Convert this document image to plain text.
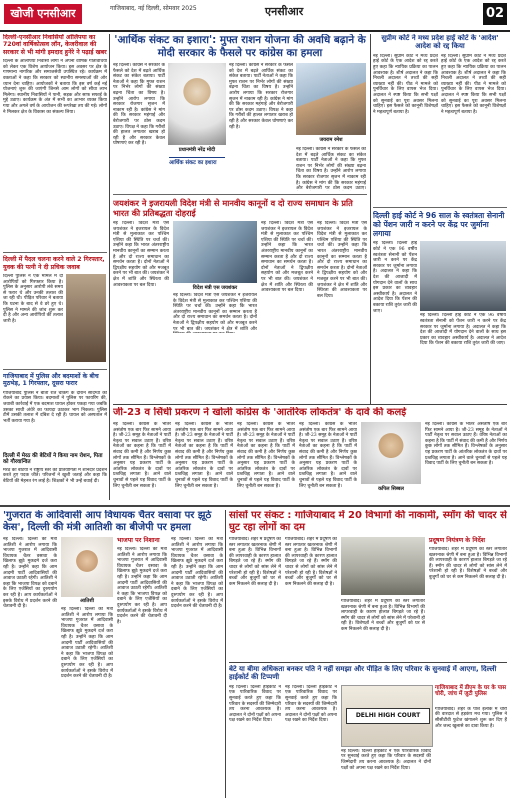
खोजी एनसीआर	गाजियाबाद, नई दिल्ली, सोमवार 2025	एनसीआर	02
दिल्ली-एनसीआर निवासियों ओलिंपया का 720वां वार्षिकोत्सव लॉन, केजरीवाल की सरकार से भी मांगी इमदाद हुनेरे ने पढ़ाई खबर
दिल्ली के ओलंपिया निवासी लोगों ने अपनी वार्षिक गतिविधियों को लेकर एक विशेष आयोजन किया। इस अवसर पर क्षेत्र के गणमान्य नागरिक और समाजसेवी उपस्थित रहे। कार्यक्रम में वक्ताओं ने कहा कि सरकार को स्थानीय समस्याओं की ओर ध्यान देना चाहिए। आयोजकों ने बताया कि इस वर्ष कई नई योजनाएं शुरू की जाएंगी जिनसे आम लोगों को सीधा लाभ मिलेगा। स्थानीय निवासियों ने पानी, सड़क और साफ सफाई के मुद्दे उठाए। कार्यक्रम के अंत में सभी का आभार व्यक्त किया गया और अगले वर्ष के आयोजन की रूपरेखा तय की गई। लोगों ने मिलकर क्षेत्र के विकास का संकल्प लिया।
दिल्ली में पैदल चलना करने वाले 2 गिरफ्तार, युवक की पत्नी ने दी प्रचिक जवाब
दिल्ली पुलिस ने एक मामले में दो आरोपियों को गिरफ्तार किया है। पुलिस के अनुसार आरोपी लंबे समय से फरार थे और उनकी तलाश की जा रही थी। पीड़ित परिवार ने बताया कि घटना के बाद से वे डरे हुए थे। पुलिस ने मामले की जांच शुरू कर दी है और अन्य आरोपियों की तलाश जारी है।
गाजियाबाद में पुलिस और बदमाशों के बीच मुठभेड़, 1 गिरफ्तार, दूसरा फरार
गाजियाबाद पुलिस ने बीती रात चेकिंग के दौरान संदिग्धों को रोकने का प्रयास किया। बदमाशों ने पुलिस पर फायरिंग की, जवाबी कार्रवाई में एक बदमाश घायल होकर पकड़ा गया जबकि उसका साथी अंधेरे का फायदा उठाकर भाग निकला। पुलिस टीमें उसकी तलाश में दबिश दे रही हैं। घायल को अस्पताल में भर्ती कराया गया है।
दिल्ली में मेरठ की बेटियों ने किया नाम रोशन, पिता को गौरवान्वित
मेरठ की बेटियों ने राष्ट्रीय स्तर की प्रतियोगिता में शानदार प्रदर्शन करते हुए पदक जीते। परिजनों ने खुशी जताई और कहा कि बेटियों की मेहनत रंग लाई है। शिक्षकों ने भी उन्हें बधाई दी।
'आर्थिक संकट का इशारा': मुफ्त राशन योजना की अवधि बढ़ाने के मोदी सरकार के फैसले पर कांग्रेस का हमला
नई दिल्ली। कांग्रेस ने सरकार के फैसले को देश में बढ़ते आर्थिक संकट का संकेत बताया। पार्टी नेताओं ने कहा कि मुफ्त राशन पर निर्भर लोगों की संख्या बढ़ना चिंता का विषय है। उन्होंने आरोप लगाया कि सरकार रोजगार सृजन में नाकाम रही है। कांग्रेस ने मांग की कि सरकार महंगाई और बेरोजगारी पर ठोस कदम उठाए। विपक्ष ने कहा कि गरीबों की हालत लगातार खराब हो रही है और सरकार केवल घोषणाएं कर रही है।
प्रधानमंत्री नरेंद्र मोदी
नई दिल्ली। कांग्रेस ने सरकार के फैसले को देश में बढ़ते आर्थिक संकट का संकेत बताया। पार्टी नेताओं ने कहा कि मुफ्त राशन पर निर्भर लोगों की संख्या बढ़ना चिंता का विषय है। उन्होंने आरोप लगाया कि सरकार रोजगार सृजन में नाकाम रही है। कांग्रेस ने मांग की कि सरकार महंगाई और बेरोजगारी पर ठोस कदम उठाए। विपक्ष ने कहा कि गरीबों की हालत लगातार खराब हो रही है और सरकार केवल घोषणाएं कर रही है।
जयराम रमेश
आर्थिक संकट का इशारा
नई दिल्ली। कांग्रेस ने सरकार के फैसले को देश में बढ़ते आर्थिक संकट का संकेत बताया। पार्टी नेताओं ने कहा कि मुफ्त राशन पर निर्भर लोगों की संख्या बढ़ना चिंता का विषय है। उन्होंने आरोप लगाया कि सरकार रोजगार सृजन में नाकाम रही है। कांग्रेस ने मांग की कि सरकार महंगाई और बेरोजगारी पर ठोस कदम उठाए।
जयशंकर ने इजरायली विदेश मंत्री से मानवीय कानूनों व दो राज्य समाधान के प्रति भारत की प्रतिबद्धता दोहराई
नई दिल्ली। विदेश मंत्री एस जयशंकर ने इजरायल के विदेश मंत्री से मुलाकात कर पश्चिम एशिया की स्थिति पर चर्चा की। उन्होंने कहा कि भारत अंतरराष्ट्रीय मानवीय कानूनों का सम्मान करता है और दो राज्य समाधान का समर्थन करता है। दोनों नेताओं ने द्विपक्षीय सहयोग को और मजबूत करने पर भी बात की। जयशंकर ने क्षेत्र में शांति और स्थिरता की आवश्यकता पर बल दिया।	विदेश मंत्री एस जयशंकर
नई दिल्ली। विदेश मंत्री एस जयशंकर ने इजरायल के विदेश मंत्री से मुलाकात कर पश्चिम एशिया की स्थिति पर चर्चा की। उन्होंने कहा कि भारत अंतरराष्ट्रीय मानवीय कानूनों का सम्मान करता है और दो राज्य समाधान का समर्थन करता है। दोनों नेताओं ने द्विपक्षीय सहयोग को और मजबूत करने पर भी बात की। जयशंकर ने क्षेत्र में शांति और
नई दिल्ली। विदेश मंत्री एस जयशंकर ने इजरायल के विदेश मंत्री से मुलाकात कर पश्चिम एशिया की स्थिति पर चर्चा की। उन्होंने कहा कि भारत अंतरराष्ट्रीय मानवीय कानूनों का सम्मान करता है और दो राज्य समाधान का समर्थन करता है। दोनों नेताओं ने द्विपक्षीय सहयोग को और मजबूत करने पर भी बात की। जयशंकर ने क्षेत्र में शांति और स्थिरता की आवश्यकता पर बल दिया।
नई दिल्ली। विदेश मंत्री एस जयशंकर ने इजरायल के विदेश मंत्री से मुलाकात कर पश्चिम एशिया की स्थिति पर चर्चा की। उन्होंने कहा कि भारत अंतरराष्ट्रीय मानवीय कानूनों का सम्मान करता है और दो राज्य समाधान का समर्थन करता है। दोनों नेताओं ने द्विपक्षीय सहयोग को और मजबूत करने पर भी बात की। जयशंकर ने क्षेत्र में शांति और स्थिरता की आवश्यकता पर बल दिया।
सुप्रीम कोर्ट ने मध्य प्रदेश हाई कोर्ट के 'आदेश' आदेश को रद्द किया
नई दिल्ली। सुप्रीम कोर्ट ने मध्य प्रदेश हाई कोर्ट के एक आदेश को रद्द करते हुए कहा कि न्यायिक प्रक्रिया का पालन आवश्यक है। शीर्ष अदालत ने कहा कि निचली अदालत ने तथ्यों की सही व्याख्या नहीं की। पीठ ने मामले को पुनर्विचार के लिए वापस भेज दिया। अदालत ने स्पष्ट किया कि सभी पक्षों को सुनवाई का पूरा अवसर मिलना चाहिए। इस फैसले को कानूनी विशेषज्ञों ने महत्वपूर्ण बताया है।
नई दिल्ली। सुप्रीम कोर्ट ने मध्य प्रदेश हाई कोर्ट के एक आदेश को रद्द करते हुए कहा कि न्यायिक प्रक्रिया का पालन आवश्यक है। शीर्ष अदालत ने कहा कि निचली अदालत ने तथ्यों की सही व्याख्या नहीं की। पीठ ने मामले को पुनर्विचार के लिए वापस भेज दिया। अदालत ने स्पष्ट किया कि सभी पक्षों को सुनवाई का पूरा अवसर मिलना चाहिए। इस फैसले को कानूनी विशेषज्ञों ने महत्वपूर्ण बताया है।
दिल्ली हाई कोर्ट ने 96 साल के स्वतंत्रता सेनानी को पेंशन जारी न करने पर केंद्र पर जुर्माना लगाया
नई दिल्ली। दिल्ली हाई कोर्ट ने एक 96 वर्षीय स्वतंत्रता सेनानी को पेंशन जारी न करने पर केंद्र सरकार पर जुर्माना लगाया है। अदालत ने कहा कि देश की आजादी में योगदान देने वालों के साथ इस प्रकार का व्यवहार अस्वीकार्य है। अदालत ने आदेश दिया कि पेंशन की बकाया राशि तुरंत जारी की जाए।
नई दिल्ली। दिल्ली हाई कोर्ट ने एक 96 वर्षीय स्वतंत्रता सेनानी को पेंशन जारी न करने पर केंद्र सरकार पर जुर्माना लगाया है। अदालत ने कहा कि देश की आजादी में योगदान देने वालों के साथ इस प्रकार का व्यवहार अस्वीकार्य है। अदालत ने आदेश दिया कि पेंशन की बकाया राशि तुरंत जारी की जाए।
जी-23 व सिंधी प्रकरण ने खोली कांग्रेस के 'आतंरिक लोकतंत्र' के दावे की कलई
नई दिल्ली। कांग्रेस के भीतर असंतोष एक बार फिर सामने आया है। जी-23 समूह के नेताओं ने पार्टी नेतृत्व पर सवाल उठाए हैं। वरिष्ठ नेताओं का कहना है कि पार्टी में संवाद की कमी है और निर्णय कुछ लोगों तक सीमित हैं। विश्लेषकों के अनुसार यह प्रकरण पार्टी के आंतरिक लोकतंत्र के दावों पर प्रश्नचिह्न लगाता है। आने वाले चुनावों से पहले यह विवाद पार्टी के लिए चुनौती बन सकता है।
नई दिल्ली। कांग्रेस के भीतर असंतोष एक बार फिर सामने आया है। जी-23 समूह के नेताओं ने पार्टी नेतृत्व पर सवाल उठाए हैं। वरिष्ठ नेताओं का कहना है कि पार्टी में संवाद की कमी है और निर्णय कुछ लोगों तक सीमित हैं। विश्लेषकों के अनुसार यह प्रकरण पार्टी के आंतरिक लोकतंत्र के दावों पर प्रश्नचिह्न लगाता है। आने वाले चुनावों से पहले यह विवाद पार्टी के लिए चुनौती बन सकता है।
नई दिल्ली। कांग्रेस के भीतर असंतोष एक बार फिर सामने आया है। जी-23 समूह के नेताओं ने पार्टी नेतृत्व पर सवाल उठाए हैं। वरिष्ठ नेताओं का कहना है कि पार्टी में संवाद की कमी है और निर्णय कुछ लोगों तक सीमित हैं। विश्लेषकों के अनुसार यह प्रकरण पार्टी के आंतरिक लोकतंत्र के दावों पर प्रश्नचिह्न लगाता है। आने वाले चुनावों से पहले यह विवाद पार्टी के लिए चुनौती बन सकता है।
नई दिल्ली। कांग्रेस के भीतर असंतोष एक बार फिर सामने आया है। जी-23 समूह के नेताओं ने पार्टी नेतृत्व पर सवाल उठाए हैं। वरिष्ठ नेताओं का कहना है कि पार्टी में संवाद की कमी है और निर्णय कुछ लोगों तक सीमित हैं। विश्लेषकों के अनुसार यह प्रकरण पार्टी के आंतरिक लोकतंत्र के दावों पर प्रश्नचिह्न लगाता है। आने वाले चुनावों से पहले यह विवाद पार्टी के लिए चुनौती बन सकता है।	कपिल सिब्बल
नई दिल्ली। कांग्रेस के भीतर असंतोष एक बार फिर सामने आया है। जी-23 समूह के नेताओं ने पार्टी नेतृत्व पर सवाल उठाए हैं। वरिष्ठ नेताओं का कहना है कि पार्टी में संवाद की कमी है और निर्णय कुछ लोगों तक सीमित हैं। विश्लेषकों के अनुसार यह प्रकरण पार्टी के आंतरिक लोकतंत्र के दावों पर प्रश्नचिह्न लगाता है। आने वाले चुनावों से पहले यह विवाद पार्टी के लिए चुनौती बन सकता है।
'गुजरात के आदिवासी आप विधायक चैतर वसावा पर झूठे केस', दिल्ली की मंत्री आतिशी का बीजेपी पर हमला
नई दिल्ली। दिल्ली की मंत्री आतिशी ने आरोप लगाया कि भाजपा गुजरात में आदिवासी विधायक चैतर वसावा के खिलाफ झूठे मुकदमे दर्ज करा रही है। उन्होंने कहा कि आम आदमी पार्टी आदिवासियों की आवाज उठाती रहेगी। आतिशी ने कहा कि भाजपा विपक्ष को दबाने के लिए एजेंसियों का दुरुपयोग कर रही है। आप कार्यकर्ताओं ने इसके विरोध में प्रदर्शन करने की चेतावनी दी है।
आतिशी
नई दिल्ली। दिल्ली की मंत्री आतिशी ने आरोप लगाया कि भाजपा गुजरात में आदिवासी विधायक चैतर वसावा के खिलाफ झूठे मुकदमे दर्ज करा रही है। उन्होंने कहा कि आम आदमी पार्टी आदिवासियों की आवाज उठाती रहेगी। आतिशी ने कहा कि भाजपा विपक्ष को दबाने के लिए एजेंसियों का दुरुपयोग कर रही है। आप कार्यकर्ताओं ने इसके विरोध में प्रदर्शन करने की चेतावनी दी है।
भाजपा पर निशाना
नई दिल्ली। दिल्ली की मंत्री आतिशी ने आरोप लगाया कि भाजपा गुजरात में आदिवासी विधायक चैतर वसावा के खिलाफ झूठे मुकदमे दर्ज करा रही है। उन्होंने कहा कि आम आदमी पार्टी आदिवासियों की आवाज उठाती रहेगी। आतिशी ने कहा कि भाजपा विपक्ष को दबाने के लिए एजेंसियों का दुरुपयोग कर रही है। आप कार्यकर्ताओं ने इसके विरोध में प्रदर्शन करने की चेतावनी दी है।
नई दिल्ली। दिल्ली की मंत्री आतिशी ने आरोप लगाया कि भाजपा गुजरात में आदिवासी विधायक चैतर वसावा के खिलाफ झूठे मुकदमे दर्ज करा रही है। उन्होंने कहा कि आम आदमी पार्टी आदिवासियों की आवाज उठाती रहेगी। आतिशी ने कहा कि भाजपा विपक्ष को दबाने के लिए एजेंसियों का दुरुपयोग कर रही है। आप कार्यकर्ताओं ने इसके विरोध में प्रदर्शन करने की चेतावनी दी है।
सांसों पर संकट : गाजियाबाद में 20 विभागों की नाकामी, स्मॉग की चादर से घुट रहा लोगों का दम
गाजियाबाद। शहर में प्रदूषण का स्तर लगातार खतरनाक श्रेणी में बना हुआ है। विभिन्न विभागों की लापरवाही के कारण हालात बिगड़ते जा रहे हैं। स्मॉग की चादर से लोगों को सांस लेने में परेशानी हो रही है। विशेषज्ञों ने बच्चों और बुजुर्गों को घर से कम निकलने की सलाह दी है।
गाजियाबाद। शहर में प्रदूषण का स्तर लगातार खतरनाक श्रेणी में बना हुआ है। विभिन्न विभागों की लापरवाही के कारण हालात बिगड़ते जा रहे हैं। स्मॉग की चादर से लोगों को सांस लेने में परेशानी हो रही है। विशेषज्ञों ने बच्चों और बुजुर्गों को घर से कम निकलने की सलाह दी है।
गाजियाबाद। शहर में प्रदूषण का स्तर लगातार खतरनाक श्रेणी में बना हुआ है। विभिन्न विभागों की लापरवाही के कारण हालात बिगड़ते जा रहे हैं। स्मॉग की चादर से लोगों को सांस लेने में परेशानी हो रही है। विशेषज्ञों ने बच्चों और बुजुर्गों को घर से कम निकलने की सलाह दी है।
प्रदूषण नियंत्रण के निर्देश
गाजियाबाद। शहर में प्रदूषण का स्तर लगातार खतरनाक श्रेणी में बना हुआ है। विभिन्न विभागों की लापरवाही के कारण हालात बिगड़ते जा रहे हैं। स्मॉग की चादर से लोगों को सांस लेने में परेशानी हो रही है। विशेषज्ञों ने बच्चों और बुजुर्गों को घर से कम निकलने की सलाह दी है।
बेटे या बीमा अधिकता बनकर पति ने नहीं समझा और पीड़ित के लिए परिवार के सुनवाई में आएगा, दिल्ली हाईकोर्ट की टिप्पणी
नई दिल्ली। दिल्ली हाईकोर्ट ने एक पारिवारिक विवाद पर सुनवाई करते हुए कहा कि परिवार के सदस्यों की जिम्मेदारी तय करना आवश्यक है। अदालत ने दोनों पक्षों को अपना पक्ष रखने का निर्देश दिया।
नई दिल्ली। दिल्ली हाईकोर्ट ने एक पारिवारिक विवाद पर सुनवाई करते हुए कहा कि परिवार के सदस्यों की जिम्मेदारी तय करना आवश्यक है। अदालत ने दोनों पक्षों को अपना पक्ष रखने का निर्देश दिया।
DELHI HIGH COURT
नई दिल्ली। दिल्ली हाईकोर्ट ने एक पारिवारिक विवाद पर सुनवाई करते हुए कहा कि परिवार के सदस्यों की जिम्मेदारी तय करना आवश्यक है। अदालत ने दोनों पक्षों को अपना पक्ष रखने का निर्देश दिया।
गाजियाबाद में डीएम के घर के पास चोरी, जांच में जुटी पुलिस
गाजियाबाद। शहर के पॉश इलाके में चोरी की वारदात से हड़कंप मच गया। पुलिस ने सीसीटीवी फुटेज खंगालने शुरू कर दिए हैं और जल्द खुलासे का दावा किया है।
